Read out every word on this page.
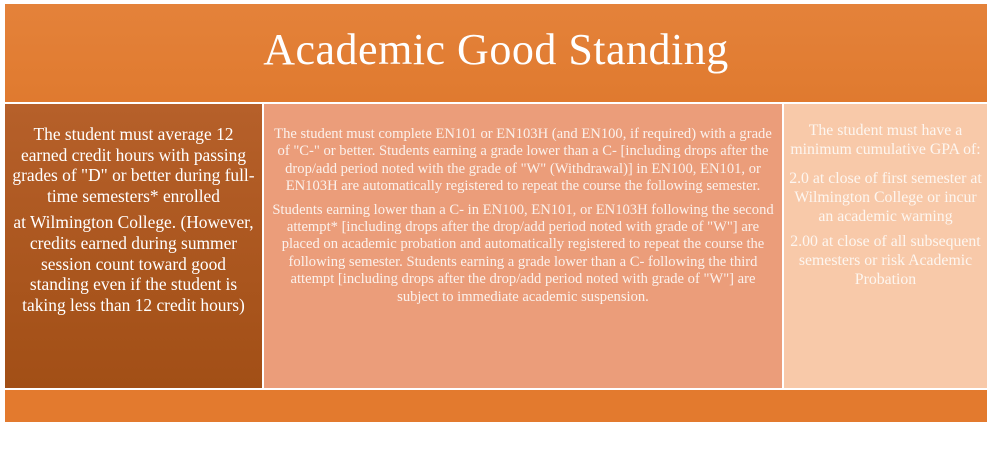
Academic Good Standing

The student must average 12 earned credit hours with passing grades of "D" or better during full-time semesters* enrolled

at Wilmington College. (However, credits earned during summer session count toward good standing even if the student is taking less than 12 credit hours)

The student must complete EN101 or EN103H (and EN100, if required) with a grade of "C-" or better. Students earning a grade lower than a C- [including drops after the drop/add period noted with the grade of "W" (Withdrawal)] in EN100, EN101, or EN103H are automatically registered to repeat the course the following semester.

Students earning lower than a C- in EN100, EN101, or EN103H following the second attempt* [including drops after the drop/add period noted with grade of "W"] are placed on academic probation and automatically registered to repeat the course the following semester. Students earning a grade lower than a C- following the third attempt [including drops after the drop/add period noted with grade of "W"] are subject to immediate academic suspension.

The student must have a minimum cumulative GPA of:

2.0 at close of first semester at Wilmington College or incur an academic warning

2.00 at close of all subsequent semesters or risk Academic Probation
